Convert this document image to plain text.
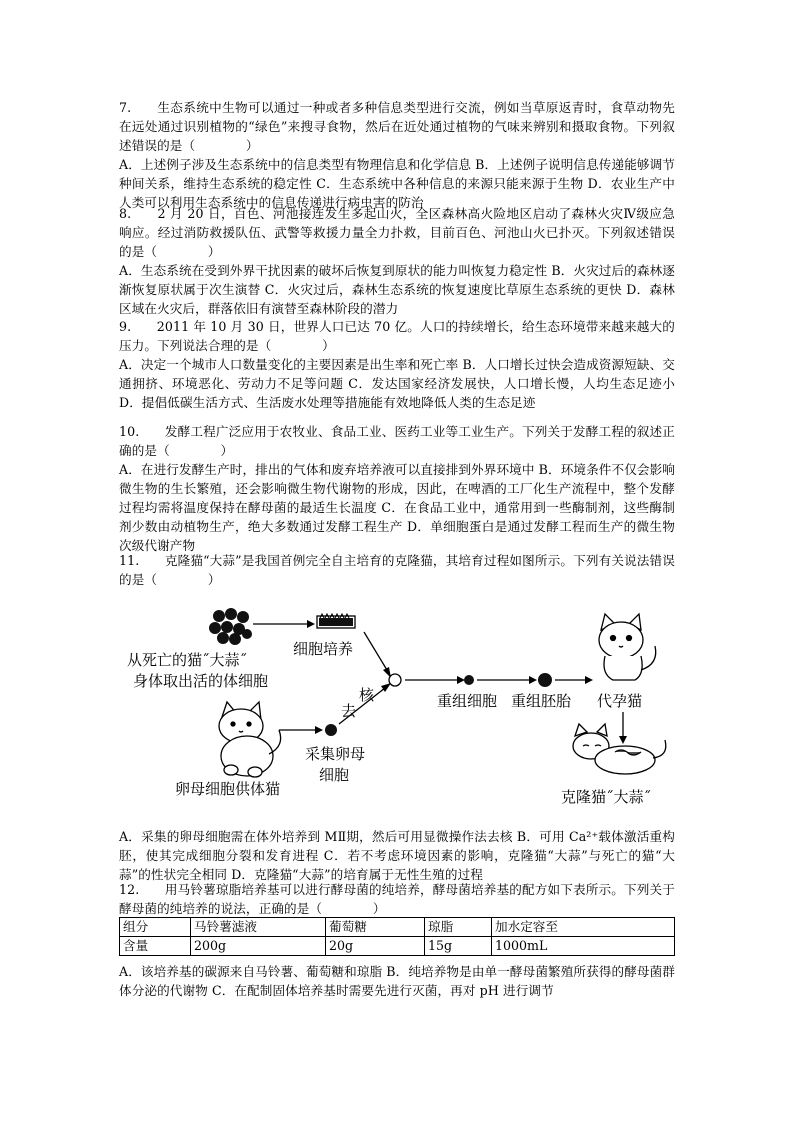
7.　　生态系统中生物可以通过一种或者多种信息类型进行交流，例如当草原返青时，食草动物先在远处通过识别植物的“绿色”来搜寻食物，然后在近处通过植物的气味来辨别和摄取食物。下列叙述错误的是（　　　　）
A．上述例子涉及生态系统中的信息类型有物理信息和化学信息 B．上述例子说明信息传递能够调节种间关系，维持生态系统的稳定性 C．生态系统中各种信息的来源只能来源于生物 D．农业生产中人类可以利用生态系统中的信息传递进行病虫害的防治
8.　　2 月 20 日，百色、河池接连发生多起山火，全区森林高火险地区启动了森林火灾Ⅳ级应急响应。经过消防救援队伍、武警等救援力量全力扑救，目前百色、河池山火已扑灭。下列叙述错误的是（　　　　）
A．生态系统在受到外界干扰因素的破坏后恢复到原状的能力叫恢复力稳定性 B．火灾过后的森林逐渐恢复原状属于次生演替 C．火灾过后，森林生态系统的恢复速度比草原生态系统的更快 D．森林区域在火灾后，群落依旧有演替至森林阶段的潜力
9.　　2011 年 10 月 30 日，世界人口已达 70 亿。人口的持续增长，给生态环境带来越来越大的压力。下列说法合理的是（　　　　）
A．决定一个城市人口数量变化的主要因素是出生率和死亡率 B．人口增长过快会造成资源短缺、交通拥挤、环境恶化、劳动力不足等问题 C．发达国家经济发展快，人口增长慢，人均生态足迹小 D．提倡低碳生活方式、生活废水处理等措施能有效地降低人类的生态足迹
10.　　发酵工程广泛应用于农牧业、食品工业、医药工业等工业生产。下列关于发酵工程的叙述正确的是（　　　　）
A．在进行发酵生产时，排出的气体和废弃培养液可以直接排到外界环境中 B．环境条件不仅会影响微生物的生长繁殖，还会影响微生物代谢物的形成，因此，在啤酒的工厂化生产流程中，整个发酵过程均需将温度保持在酵母菌的最适生长温度 C．在食品工业中，通常用到一些酶制剂，这些酶制剂少数由动植物生产，绝大多数通过发酵工程生产 D．单细胞蛋白是通过发酵工程而生产的微生物次级代谢产物
11.　　克隆猫“大蒜”是我国首例完全自主培育的克隆猫，其培育过程如图所示。下列有关说法错误的是（　　　　）
细胞培养
从死亡的猫˝大蒜˝
身体取出活的体细胞
卵母细胞供体猫
采集卵母
细胞
核
去
重组细胞 重组胚胎 代孕猫
克隆猫˝大蒜˝
A．采集的卵母细胞需在体外培养到 MⅡ期，然后可用显微操作法去核 B．可用 Ca²⁺载体激活重构胚，使其完成细胞分裂和发育进程 C．若不考虑环境因素的影响，克隆猫“大蒜”与死亡的猫“大蒜”的性状完全相同 D．克隆猫“大蒜”的培育属于无性生殖的过程
12.　　用马铃薯琼脂培养基可以进行酵母菌的纯培养，酵母菌培养基的配方如下表所示。下列关于酵母菌的纯培养的说法，正确的是（　　　　）
组分	马铃薯滤液	葡萄糖	琼脂	加水定容至
含量	200g	20g	15g	1000mL
A．该培养基的碳源来自马铃薯、葡萄糖和琼脂 B．纯培养物是由单一酵母菌繁殖所获得的酵母菌群体分泌的代谢物 C．在配制固体培养基时需要先进行灭菌，再对 pH 进行调节
